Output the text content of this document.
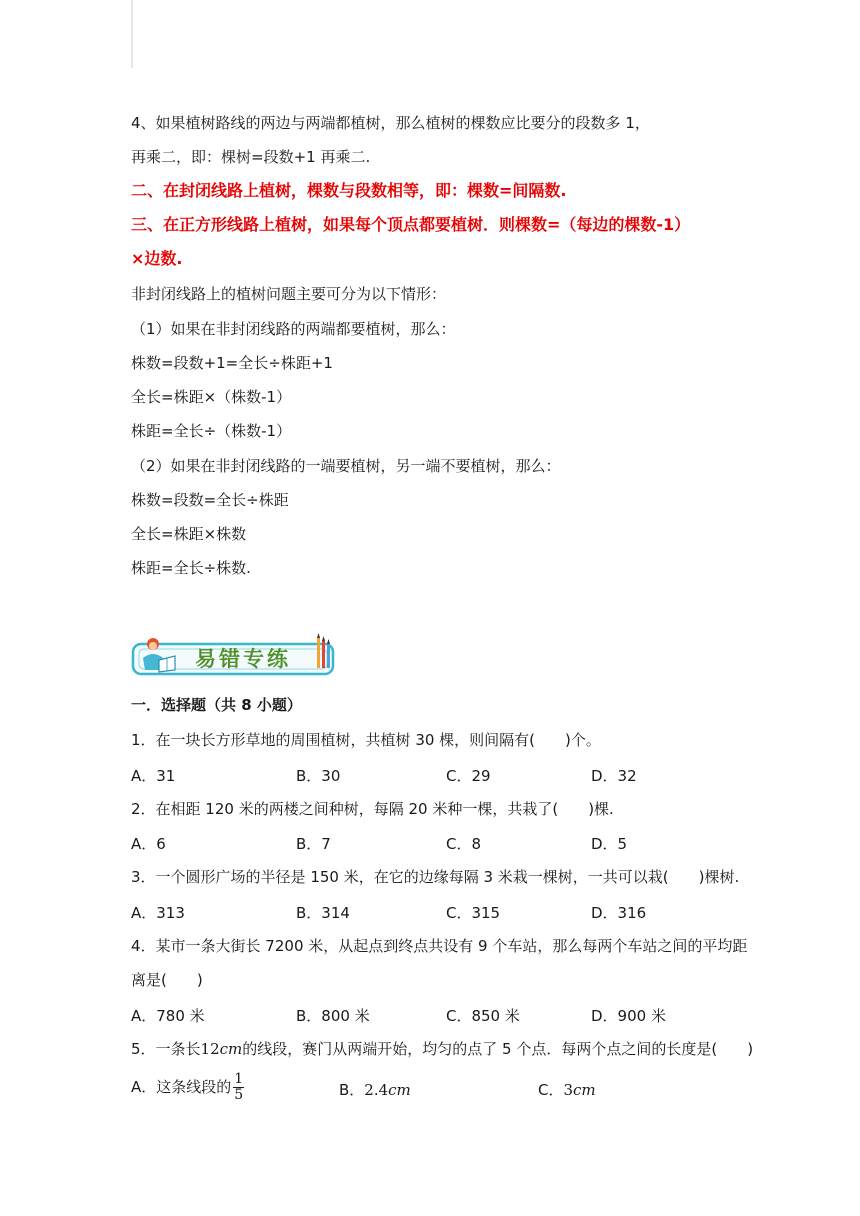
4、如果植树路线的两边与两端都植树，那么植树的棵数应比要分的段数多 1，
再乘二，即：棵树=段数+1 再乘二.
二、在封闭线路上植树，棵数与段数相等，即：棵数=间隔数.
三、在正方形线路上植树，如果每个顶点都要植树．则棵数=（每边的棵数-1）
×边数.
非封闭线路上的植树问题主要可分为以下情形：
（1）如果在非封闭线路的两端都要植树，那么：
株数=段数+1=全长÷株距+1
全长=株距×（株数-1）
株距=全长÷（株数-1）
（2）如果在非封闭线路的一端要植树，另一端不要植树，那么：
株数=段数=全长÷株距
全长=株距×株数
株距=全长÷株数.
易错专练
一．选择题（共 8 小题）
1．在一块长方形草地的周围植树，共植树 30 棵，则间隔有(　　)个。
A．31	B．30	C．29	D．32
2．在相距 120 米的两楼之间种树，每隔 20 米种一棵，共栽了(　　)棵.
A．6	B．7	C．8	D．5
3．一个圆形广场的半径是 150 米，在它的边缘每隔 3 米栽一棵树，一共可以栽(　　)棵树.
A．313	B．314	C．315	D．316
4．某市一条大街长 7200 米，从起点到终点共设有 9 个车站，那么每两个车站之间的平均距
离是(　　)
A．780 米	B．800 米	C．850 米	D．900 米
5．一条长12cm的线段，赛门从两端开始，均匀的点了 5 个点．每两个点之间的长度是(　　)
A．这条线段的 $\frac{1}{5}$	B．2.4cm	C．3cm
